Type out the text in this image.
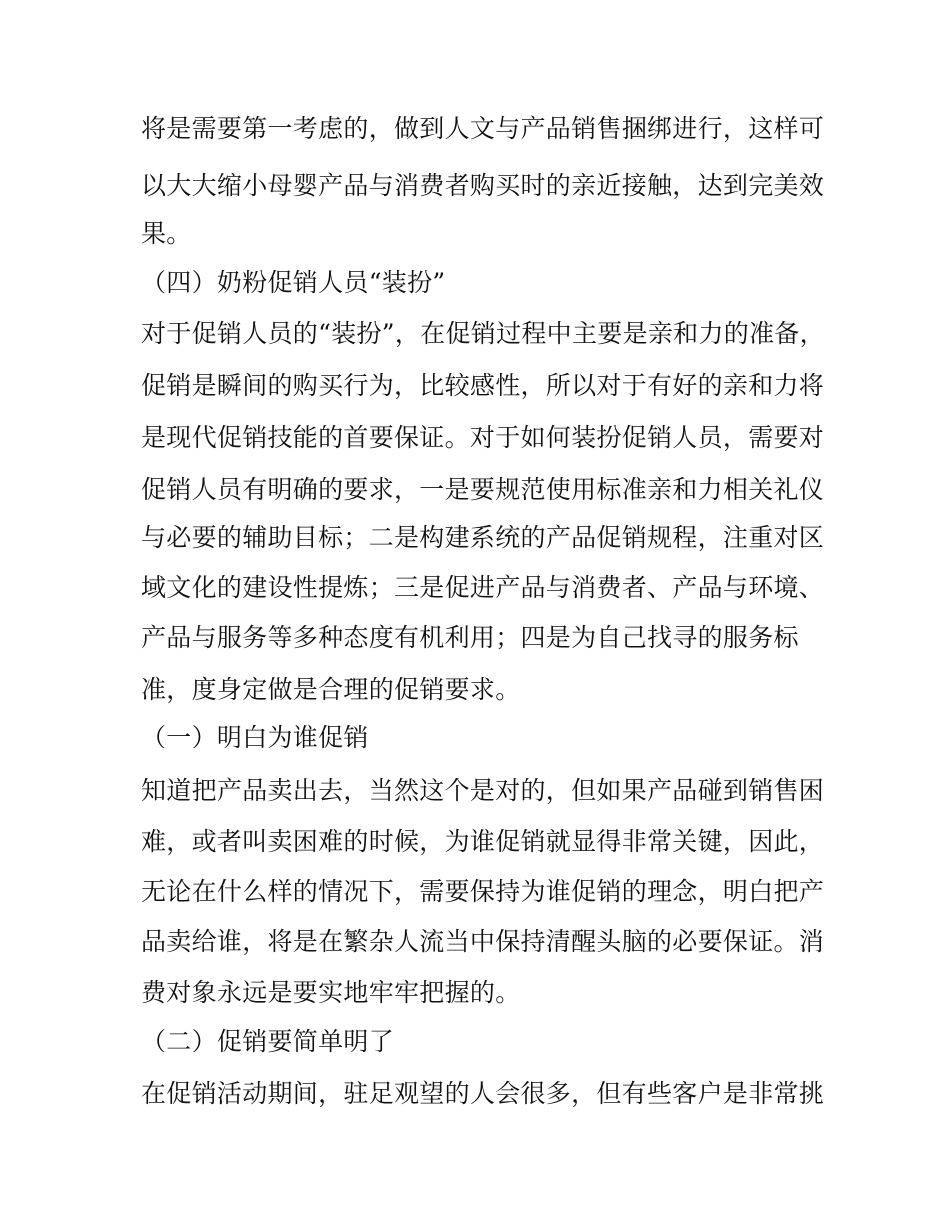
将是需要第一考虑的，做到人文与产品销售捆绑进行，这样可
以大大缩小母婴产品与消费者购买时的亲近接触，达到完美效
果。
（四）奶粉促销人员“装扮”
对于促销人员的“装扮”，在促销过程中主要是亲和力的准备，
促销是瞬间的购买行为，比较感性，所以对于有好的亲和力将
是现代促销技能的首要保证。对于如何装扮促销人员，需要对
促销人员有明确的要求，一是要规范使用标准亲和力相关礼仪
与必要的辅助目标；二是构建系统的产品促销规程，注重对区
域文化的建设性提炼；三是促进产品与消费者、产品与环境、
产品与服务等多种态度有机利用；四是为自己找寻的服务标
准，度身定做是合理的促销要求。
（一）明白为谁促销
知道把产品卖出去，当然这个是对的，但如果产品碰到销售困
难，或者叫卖困难的时候，为谁促销就显得非常关键，因此，
无论在什么样的情况下，需要保持为谁促销的理念，明白把产
品卖给谁，将是在繁杂人流当中保持清醒头脑的必要保证。消
费对象永远是要实地牢牢把握的。
（二）促销要简单明了
在促销活动期间，驻足观望的人会很多，但有些客户是非常挑
